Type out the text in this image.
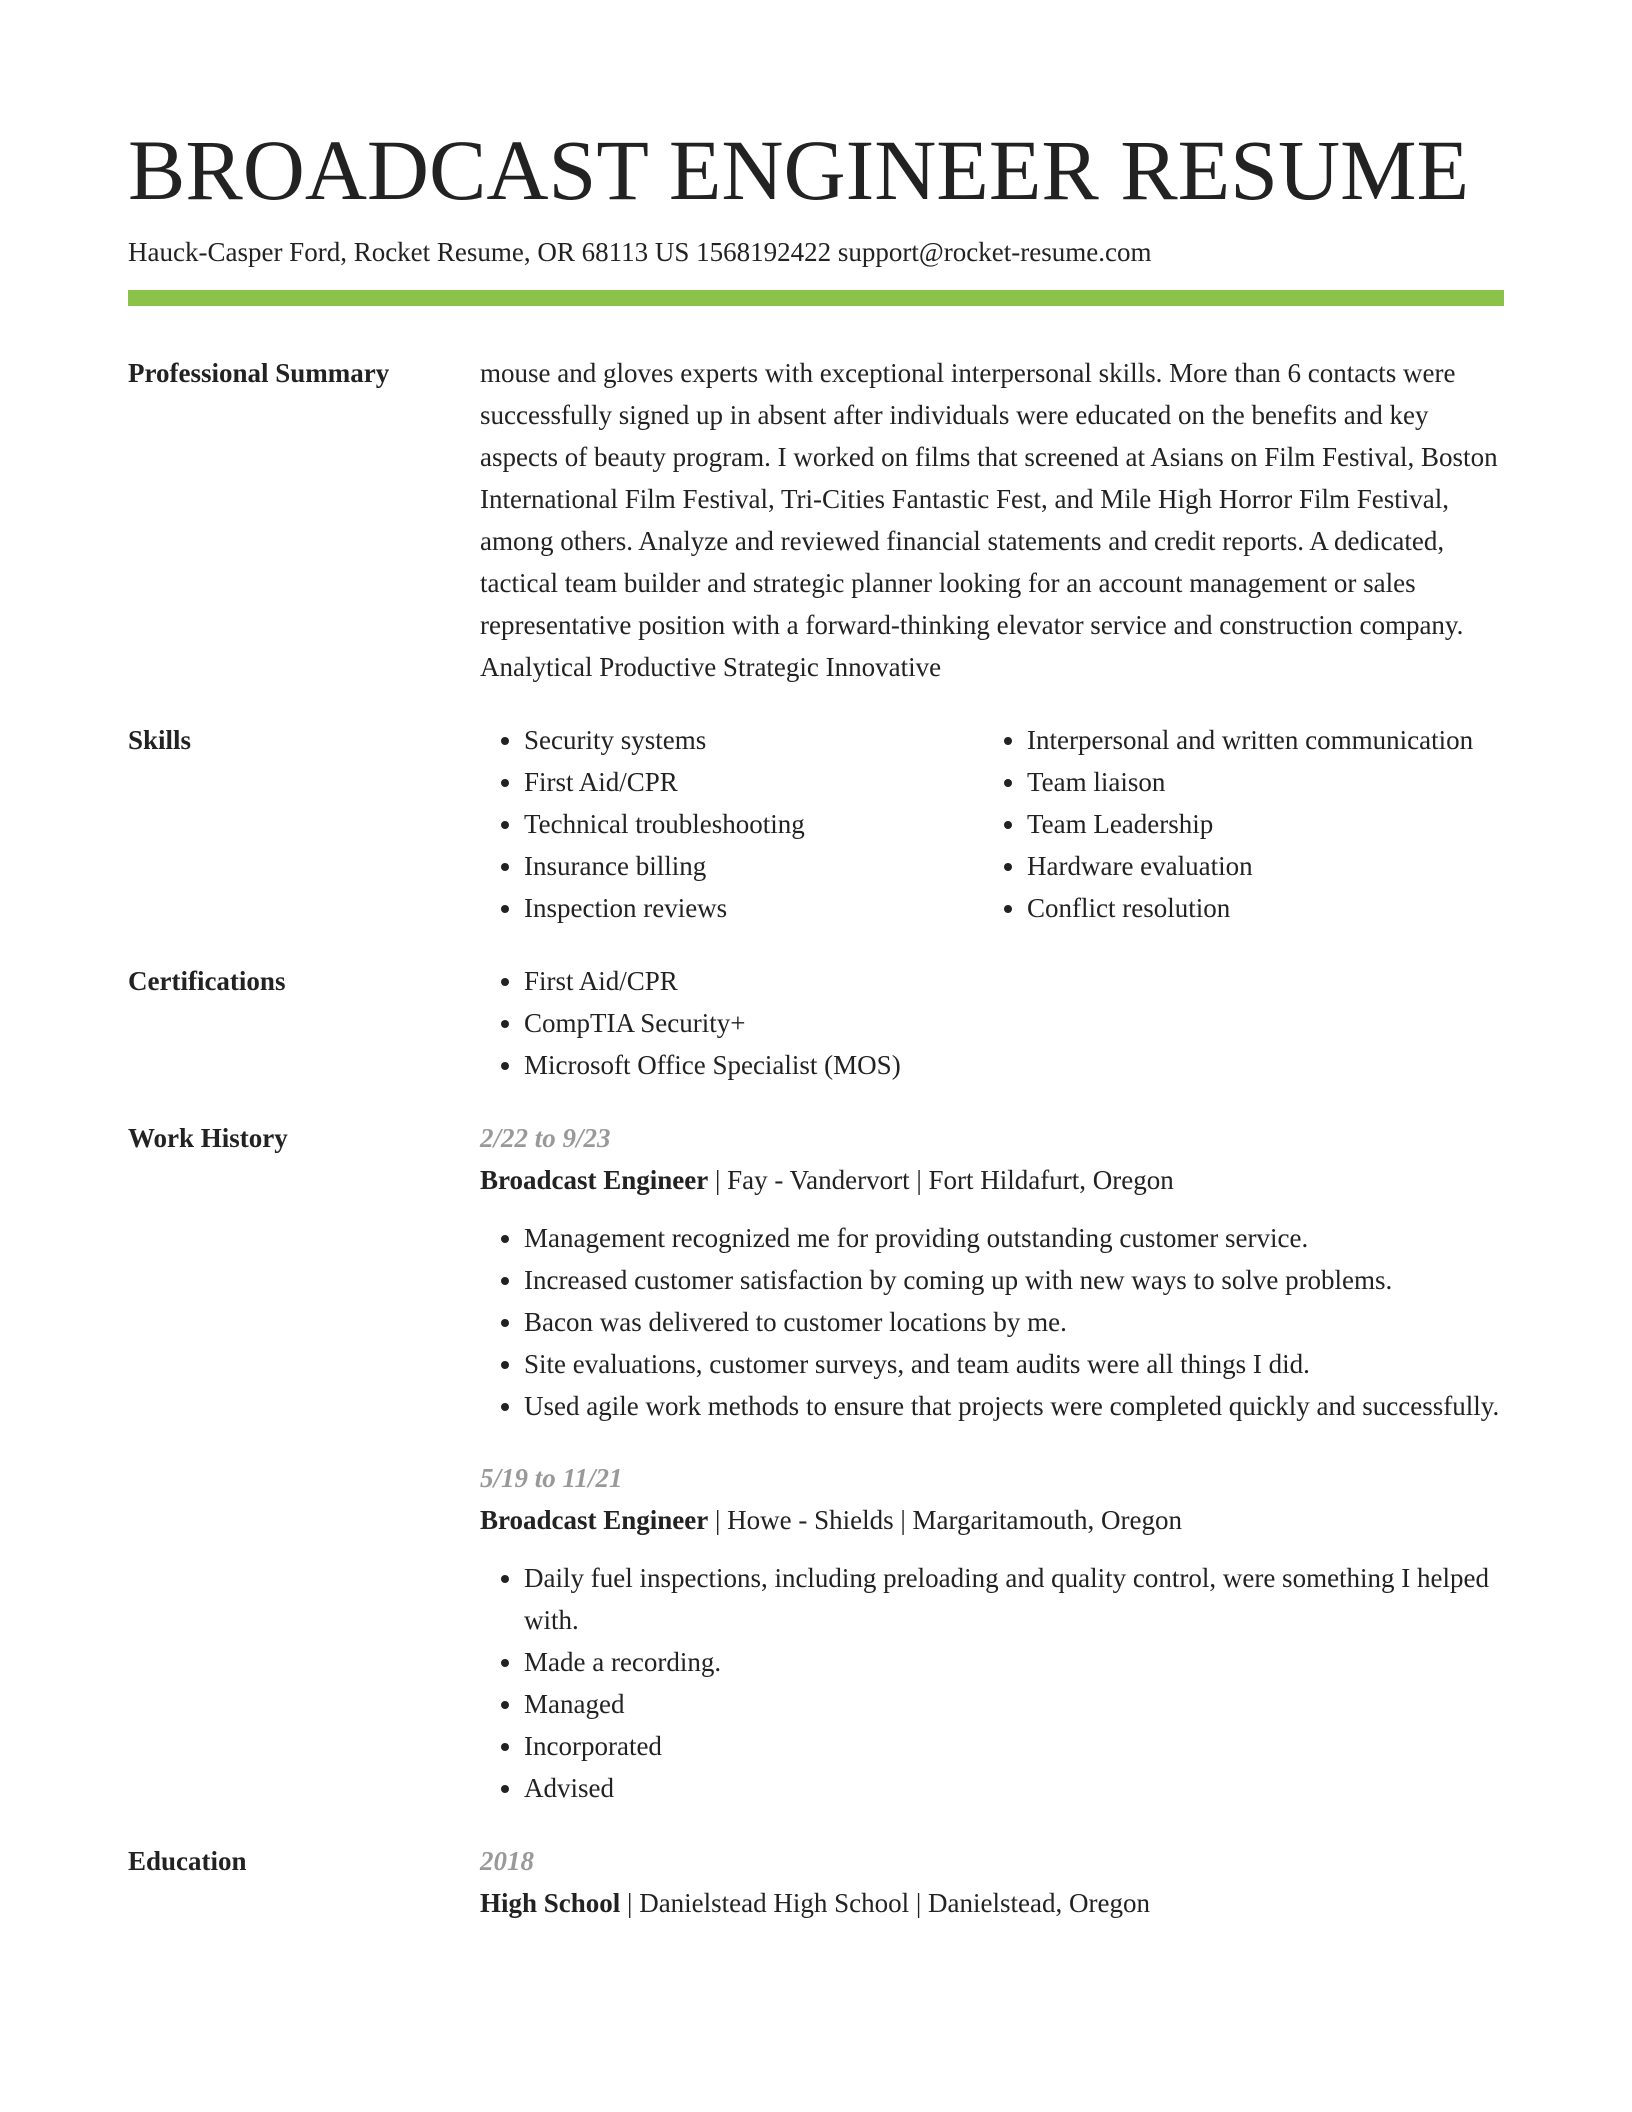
BROADCAST ENGINEER RESUME
Hauck-Casper Ford, Rocket Resume, OR 68113 US 1568192422 support@rocket-resume.com
Professional Summary	mouse and gloves experts with exceptional interpersonal skills. More than 6 contacts were successfully signed up in absent after individuals were educated on the benefits and key aspects of beauty program. I worked on films that screened at Asians on Film Festival, Boston International Film Festival, Tri-Cities Fantastic Fest, and Mile High Horror Film Festival, among others. Analyze and reviewed financial statements and credit reports. A dedicated, tactical team builder and strategic planner looking for an account management or sales representative position with a forward-thinking elevator service and construction company. Analytical Productive Strategic Innovative
Skills	• Security systems
• First Aid/CPR
• Technical troubleshooting
• Insurance billing
• Inspection reviews
• Interpersonal and written communication
• Team liaison
• Team Leadership
• Hardware evaluation
• Conflict resolution
Certifications	• First Aid/CPR
• CompTIA Security+
• Microsoft Office Specialist (MOS)
Work History	2/22 to 9/23
Broadcast Engineer | Fay - Vandervort | Fort Hildafurt, Oregon
• Management recognized me for providing outstanding customer service.
• Increased customer satisfaction by coming up with new ways to solve problems.
• Bacon was delivered to customer locations by me.
• Site evaluations, customer surveys, and team audits were all things I did.
• Used agile work methods to ensure that projects were completed quickly and successfully.
5/19 to 11/21
Broadcast Engineer | Howe - Shields | Margaritamouth, Oregon
• Daily fuel inspections, including preloading and quality control, were something I helped with.
• Made a recording.
• Managed
• Incorporated
• Advised
Education	2018
High School | Danielstead High School | Danielstead, Oregon
